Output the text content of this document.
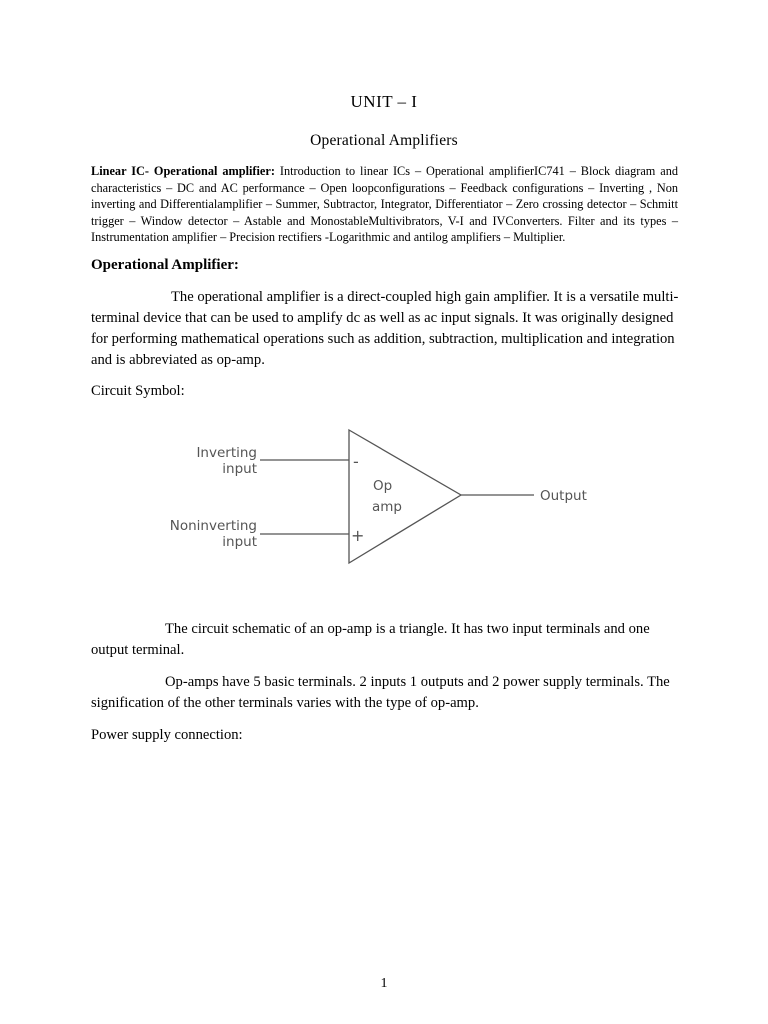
UNIT – I
Operational Amplifiers
Linear IC- Operational amplifier: Introduction to linear ICs – Operational amplifierIC741 – Block diagram and characteristics – DC and AC performance – Open loopconfigurations – Feedback configurations – Inverting , Non inverting and Differentialamplifier – Summer, Subtractor, Integrator, Differentiator – Zero crossing detector – Schmitt trigger – Window detector – Astable and MonostableMultivibrators, V-I and IVConverters. Filter and its types – Instrumentation amplifier – Precision rectifiers -Logarithmic and antilog amplifiers – Multiplier.
Operational Amplifier:
The operational amplifier is a direct-coupled high gain amplifier. It is a versatile multi-terminal device that can be used to amplify dc as well as ac input signals. It was originally designed for performing mathematical operations such as addition, subtraction, multiplication and integration and is abbreviated as op-amp.
Circuit Symbol:
Inverting
input
Noninverting
input
-
+
Op
amp
Output
The circuit schematic of an op-amp is a triangle. It has two input terminals and one output terminal.
Op-amps have 5 basic terminals. 2 inputs 1 outputs and 2 power supply terminals. The signification of the other terminals varies with the type of op-amp.
Power supply connection:
1
